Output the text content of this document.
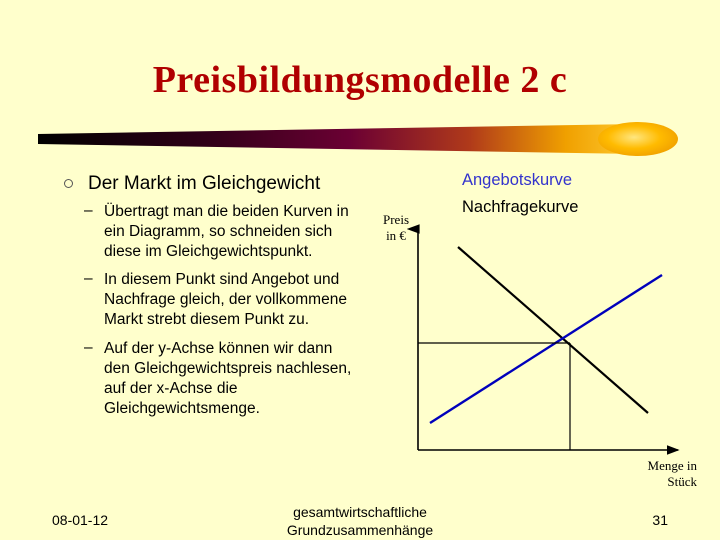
Preisbildungsmodelle 2 c
Der Markt im Gleichgewicht
– Übertragt man die beiden Kurven in ein Diagramm, so schneiden sich diese im Gleichgewichtspunkt.
– In diesem Punkt sind Angebot und Nachfrage gleich, der vollkommene Markt strebt diesem Punkt zu.
– Auf der y-Achse können wir dann den Gleichgewichtspreis nachlesen, auf der x-Achse die Gleichgewichtsmenge.
Angebotskurve
Nachfragekurve
Preis
in €
Menge in
Stück
08-01-12	gesamtwirtschaftliche
Grundzusammenhänge
31
